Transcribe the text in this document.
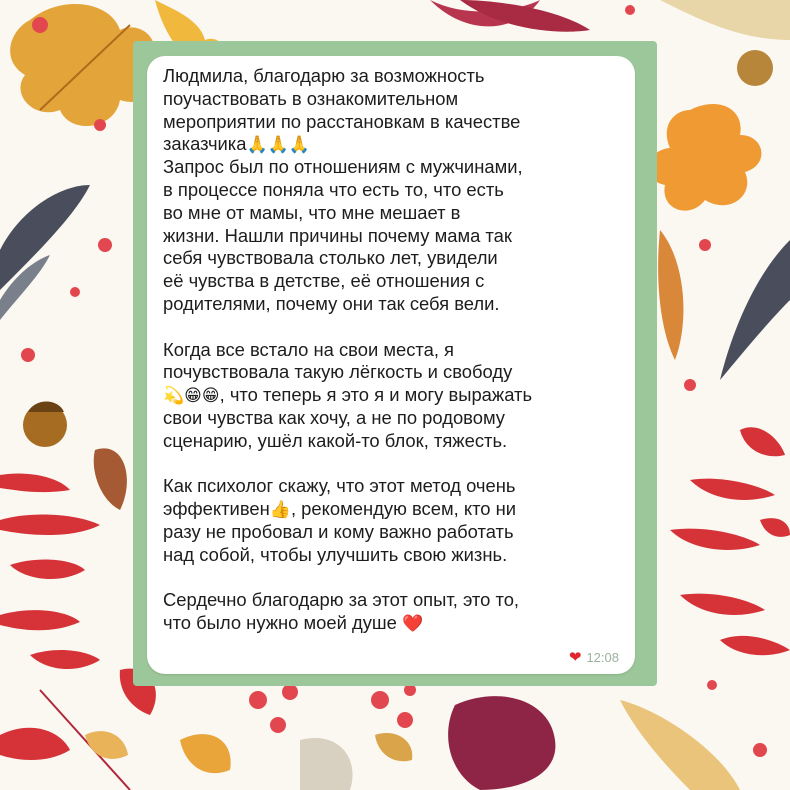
Людмила, благодарю за возможность
поучаствовать в ознакомительном
мероприятии по расстановкам в качестве
заказчика🙏🙏🙏
Запрос был по отношениям с мужчинами,
в процессе поняла что есть то, что есть
во мне от мамы, что мне мешает в
жизни. Нашли причины почему мама так
себя чувствовала столько лет, увидели
её чувства в детстве, её отношения с
родителями, почему они так себя вели.
Когда все встало на свои места, я
почувствовала такую лёгкость и свободу
💫😁😁, что теперь я это я и могу выражать
свои чувства как хочу, а не по родовому
сценарию, ушёл какой-то блок, тяжесть.
Как психолог скажу, что этот метод очень
эффективен👍, рекомендую всем, кто ни
разу не пробовал и кому важно работать
над собой, чтобы улучшить свою жизнь.
Сердечно благодарю за этот опыт, это то,
что было нужно моей душе ❤️
❤ 12:08
